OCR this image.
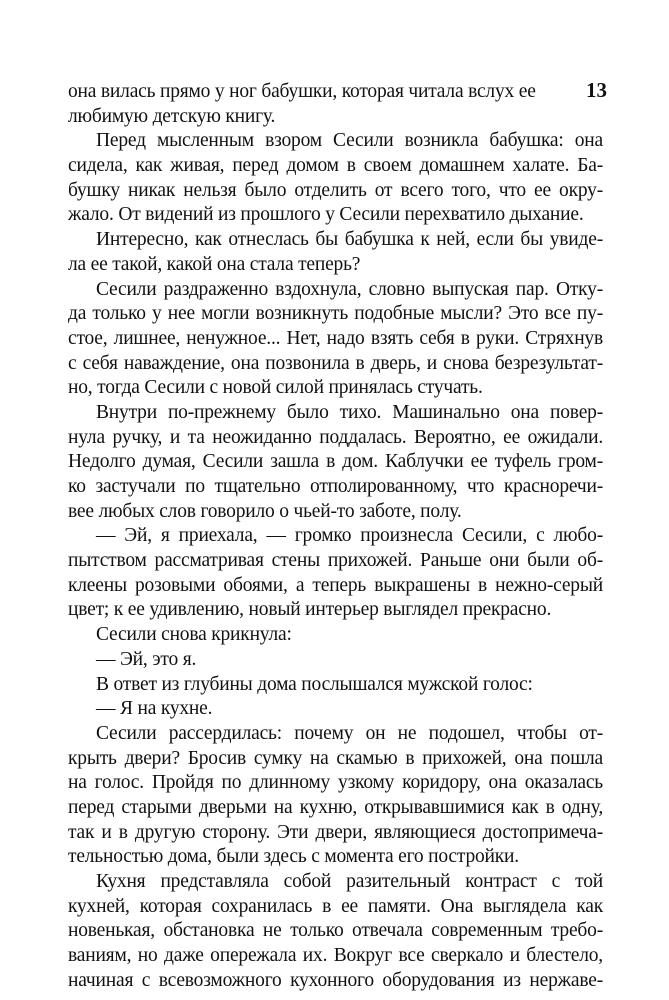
она вилась прямо у ног бабушки, которая читала вслух ее	13
любимую детскую книгу.
Перед мысленным взором Сесили возникла бабушка: она
сидела, как живая, перед домом в своем домашнем халате. Ба-
бушку никак нельзя было отделить от всего того, что ее окру-
жало. От видений из прошлого у Сесили перехватило дыхание.
Интересно, как отнеслась бы бабушка к ней, если бы увиде-
ла ее такой, какой она стала теперь?
Сесили раздраженно вздохнула, словно выпуская пар. Отку-
да только у нее могли возникнуть подобные мысли? Это все пу-
стое, лишнее, ненужное... Нет, надо взять себя в руки. Стряхнув
с себя наваждение, она позвонила в дверь, и снова безрезультат-
но, тогда Сесили с новой силой принялась стучать.
Внутри по-прежнему было тихо. Машинально она повер-
нула ручку, и та неожиданно поддалась. Вероятно, ее ожидали.
Недолго думая, Сесили зашла в дом. Каблучки ее туфель гром-
ко застучали по тщательно отполированному, что красноречи-
вее любых слов говорило о чьей-то заботе, полу.
— Эй, я приехала, — громко произнесла Сесили, с любо-
пытством рассматривая стены прихожей. Раньше они были об-
клеены розовыми обоями, а теперь выкрашены в нежно-серый
цвет; к ее удивлению, новый интерьер выглядел прекрасно.
Сесили снова крикнула:
— Эй, это я.
В ответ из глубины дома послышался мужской голос:
— Я на кухне.
Сесили рассердилась: почему он не подошел, чтобы от-
крыть двери? Бросив сумку на скамью в прихожей, она пошла
на голос. Пройдя по длинному узкому коридору, она оказалась
перед старыми дверьми на кухню, открывавшимися как в одну,
так и в другую сторону. Эти двери, являющиеся достопримеча-
тельностью дома, были здесь с момента его постройки.
Кухня представляла собой разительный контраст с той
кухней, которая сохранилась в ее памяти. Она выглядела как
новенькая, обстановка не только отвечала современным требо-
ваниям, но даже опережала их. Вокруг все сверкало и блестело,
начиная с всевозможного кухонного оборудования из нержаве-
